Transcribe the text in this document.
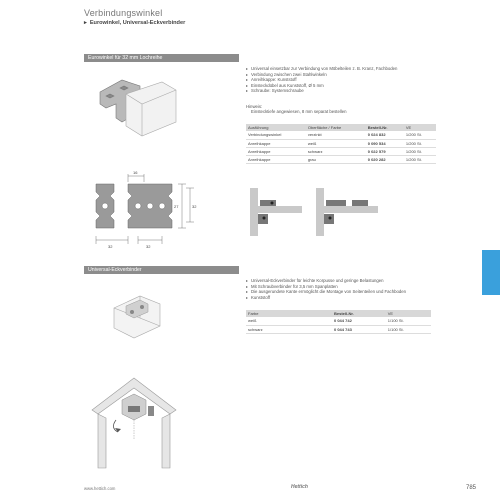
Verbindungswinkel
▸ Eurowinkel, Universal-Eckverbinder
Eurowinkel für 32 mm Lochreihe
▸ Universal einsetzbar zur Verbindung von Möbelteilen z. B. Kranz, Fachboden
▸ Verbindung zwischen zwei Stahlwinkeln
▸ Anreihkappe: Kunststoff
▸ Einsteckdübel aus Kunststoff, Ø 5 mm
▸ Schraube: Systemschraube
Hinweis:
Einstecktiefe angewiesen, 8 mm separat bestellen
Ausführung	Oberfläche / Farbe	Bestell-Nr.	VE
Verbindungswinkel	verzinkt	0 024 832	1/200 St.
Anreihkappe	weiß	0 090 534	1/200 St.
Anreihkappe	schwarz	0 022 579	1/200 St.
Anreihkappe	grau	0 020 282	1/200 St.
16
27	32
32	32
Universal-Eckverbinder
▸ Universal-Eckverbinder für leichte Korpusse und geringe Belastungen
▸ Mit Schraubverbinder für 3,5 mm Spanplatten
▸ Die ausgerundete Kante ermöglicht die Montage von Seitenteilen und Fachboden
▸ Kunststoff
Farbe	Bestell-Nr.	VE
weiß	0 044 742	1/100 St.
schwarz	0 044 743	1/100 St.
www.hettich.com	Hettich	785
